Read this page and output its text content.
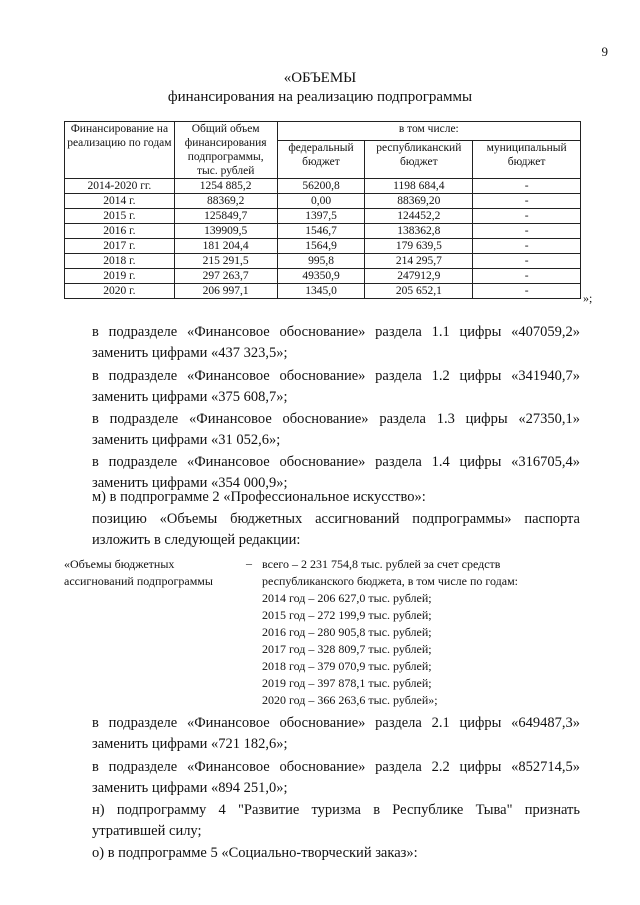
9
«ОБЪЕМЫ
финансирования на реализацию подпрограммы
Финансирование на реализацию по годам	Общий объем финансирования подпрограммы, тыс. рублей	в том числе:		
		федеральный бюджет	республиканский бюджет	муниципальный бюджет
2014-2020 гг.	1254 885,2	56200,8	1198 684,4	-
2014 г.	88369,2	0,00	88369,20	-
2015 г.	125849,7	1397,5	124452,2	-
2016 г.	139909,5	1546,7	138362,8	-
2017 г.	181 204,4	1564,9	179 639,5	-
2018 г.	215 291,5	995,8	214 295,7	-
2019 г.	297 263,7	49350,9	247912,9	-
2020 г.	206 997,1	1345,0	205 652,1	-	»;
в подразделе «Финансовое обоснование» раздела 1.1 цифры «407059,2» заменить цифрами «437 323,5»;
в подразделе «Финансовое обоснование» раздела 1.2 цифры «341940,7» заменить цифрами «375 608,7»;
в подразделе «Финансовое обоснование» раздела 1.3 цифры «27350,1» заменить цифрами «31 052,6»;
в подразделе «Финансовое обоснование» раздела 1.4 цифры «316705,4» заменить цифрами «354 000,9»;
м) в подпрограмме 2 «Профессиональное искусство»:
позицию «Объемы бюджетных ассигнований подпрограммы» паспорта изложить в следующей редакции:
«Объемы бюджетных ассигнований подпрограммы
– всего – 2 231 754,8 тыс. рублей за счет средств республиканского бюджета, в том числе по годам:
2014 год – 206 627,0 тыс. рублей;
2015 год – 272 199,9 тыс. рублей;
2016 год – 280 905,8 тыс. рублей;
2017 год – 328 809,7 тыс. рублей;
2018 год – 379 070,9 тыс. рублей;
2019 год – 397 878,1 тыс. рублей;
2020 год – 366 263,6 тыс. рублей»;
в подразделе «Финансовое обоснование» раздела 2.1 цифры «649487,3» заменить цифрами «721 182,6»;
в подразделе «Финансовое обоснование» раздела 2.2 цифры «852714,5» заменить цифрами «894 251,0»;
н) подпрограмму 4 "Развитие туризма в Республике Тыва" признать утратившей силу;
о) в подпрограмме 5 «Социально-творческий заказ»:
